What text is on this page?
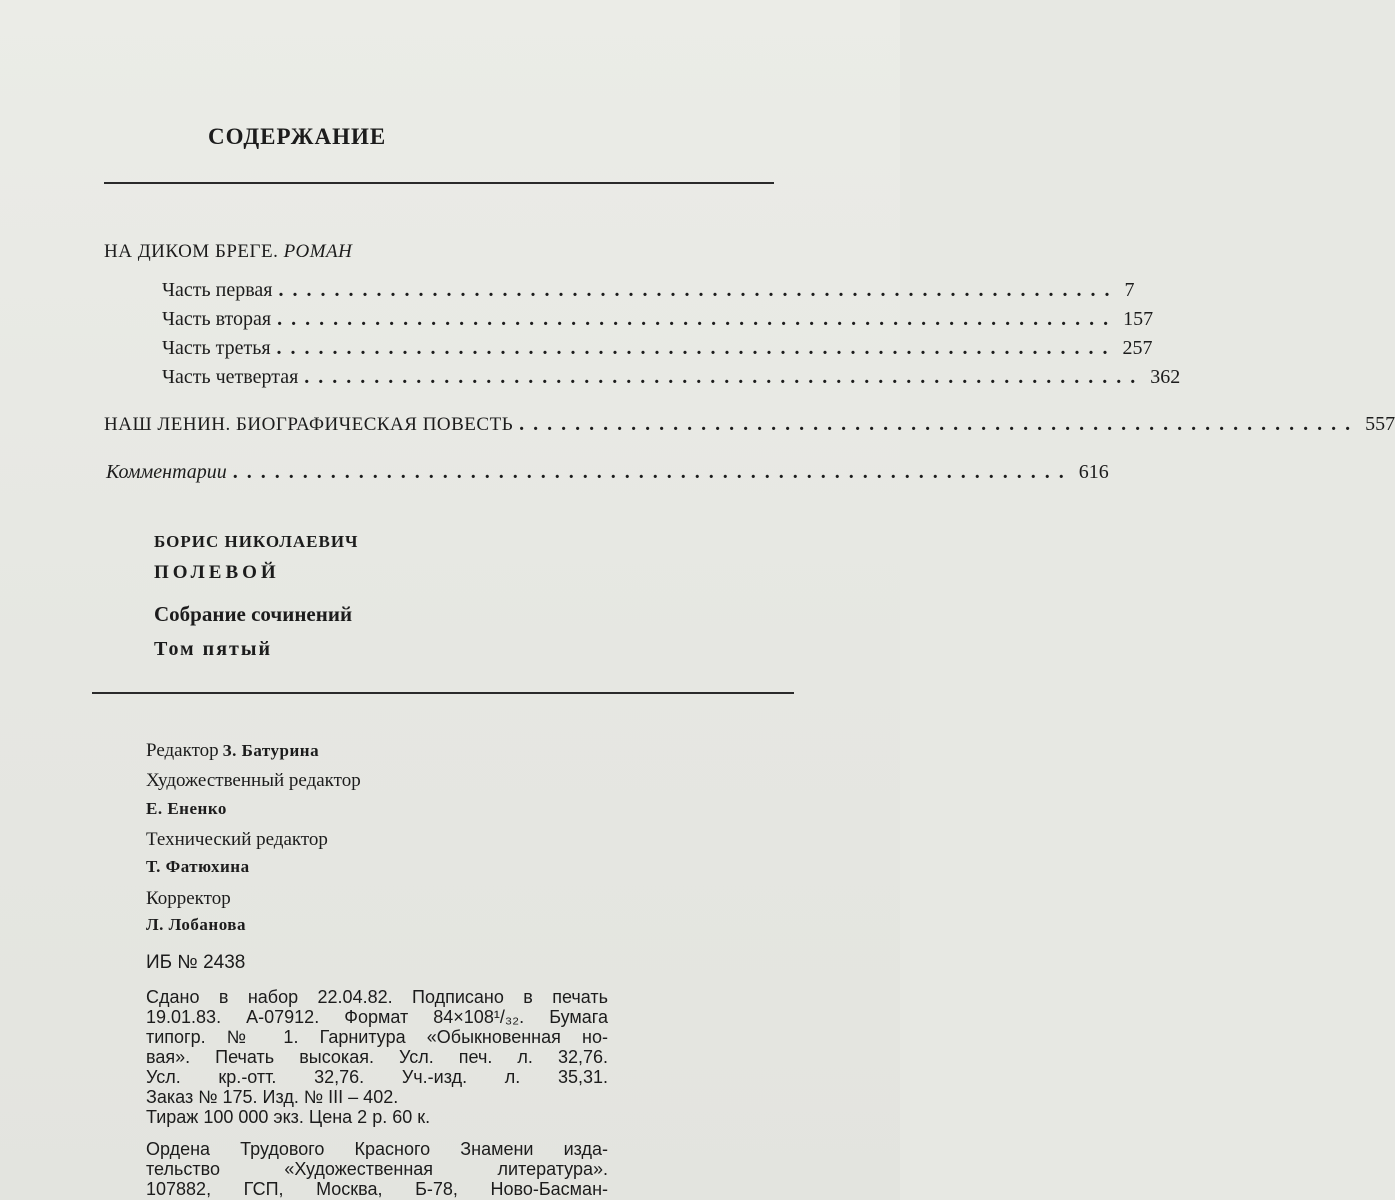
СОДЕРЖАНИЕ
НА ДИКОМ БРЕГЕ. РОМАН
Часть первая ............................................................ 7
Часть вторая ............................................................ 157
Часть третья ............................................................ 257
Часть четвертая ............................................................ 362
НАШ ЛЕНИН. БИОГРАФИЧЕСКАЯ ПОВЕСТЬ ............................................................ 557
Комментарии ............................................................ 616
БОРИС НИКОЛАЕВИЧ
ПОЛЕВОЙ
Собрание сочинений
Том пятый
Редактор З. Батурина
Художественный редактор
Е. Ененко
Технический редактор
Т. Фатюхина
Корректор
Л. Лобанова
ИБ № 2438
Сдано в набор 22.04.82. Подписано в печать
19.01.83. А-07912. Формат 84×108¹/₃₂. Бумага
типогр. № 1. Гарнитура «Обыкновенная но-
вая». Печать высокая. Усл. печ. л. 32,76.
Усл. кр.-отт. 32,76. Уч.-изд. л. 35,31.
Заказ № 175. Изд. № III – 402.
Тираж 100 000 экз. Цена 2 р. 60 к.
Ордена Трудового Красного Знамени изда-
тельство «Художественная литература».
107882, ГСП, Москва, Б-78, Ново-Басман-
